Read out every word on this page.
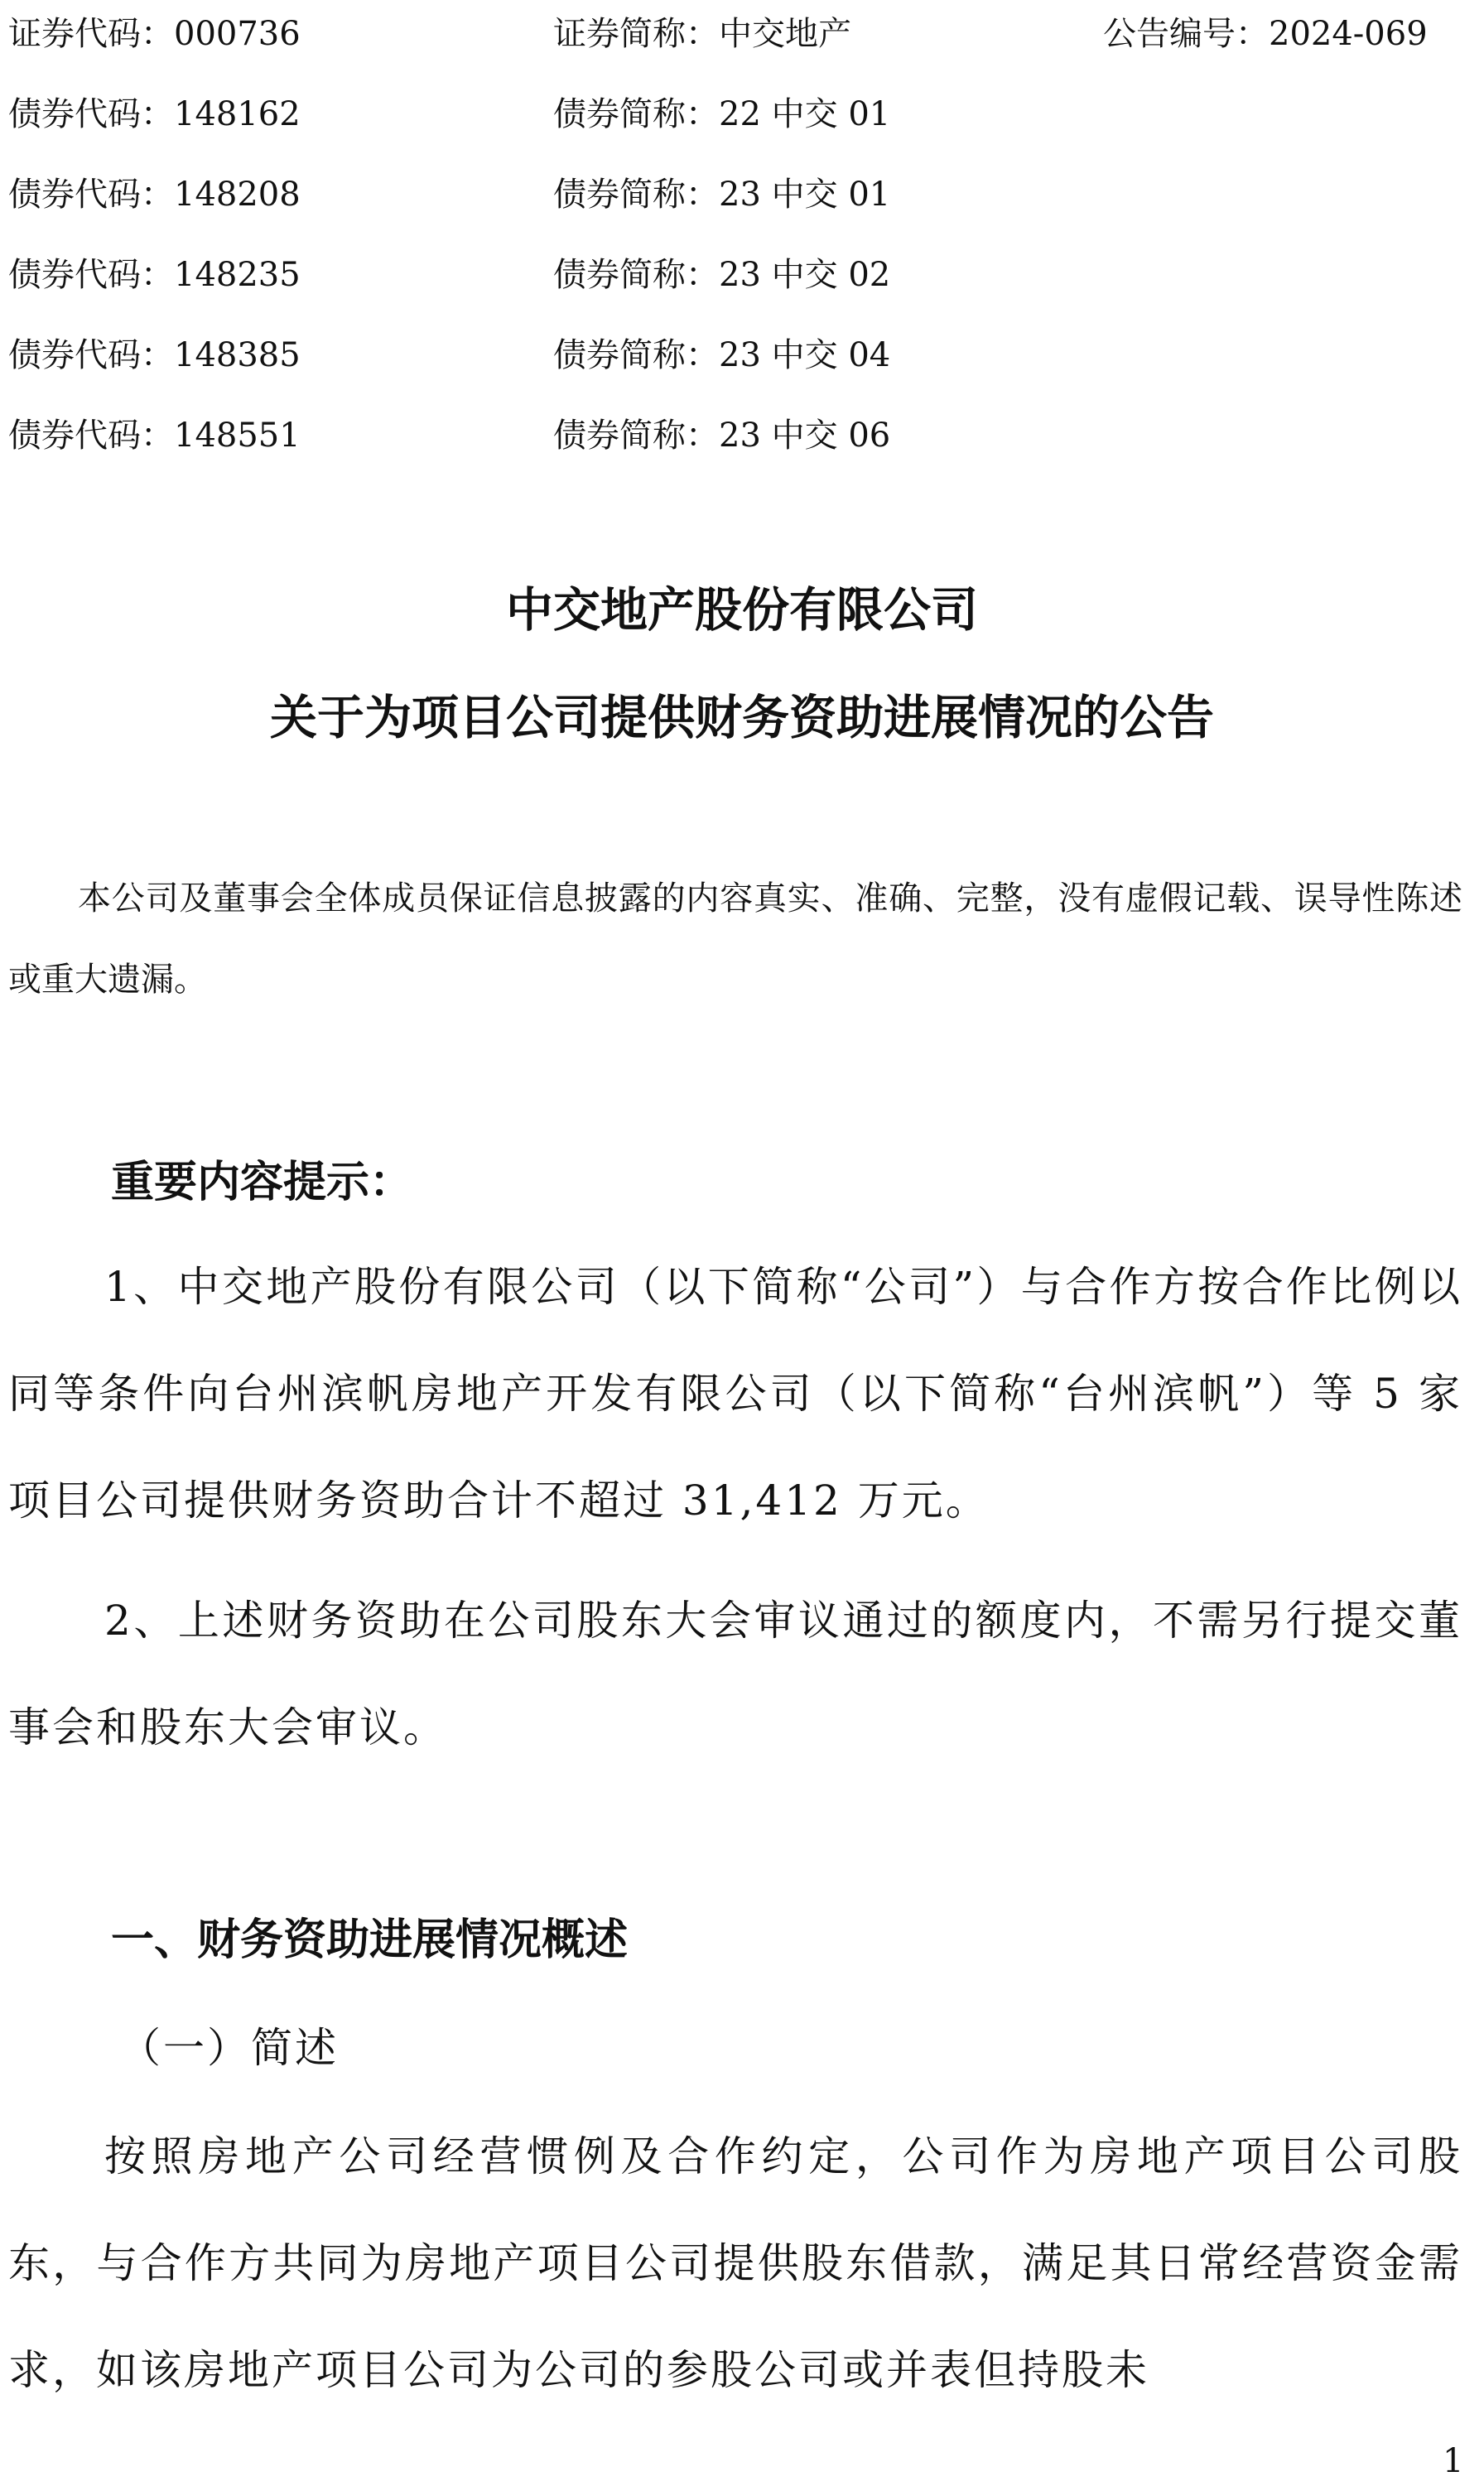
证券代码：000736	证券简称：中交地产	公告编号：2024-069
债券代码：148162	债券简称：22 中交 01
债券代码：148208	债券简称：23 中交 01
债券代码：148235	债券简称：23 中交 02
债券代码：148385	债券简称：23 中交 04
债券代码：148551	债券简称：23 中交 06
中交地产股份有限公司
关于为项目公司提供财务资助进展情况的公告
本公司及董事会全体成员保证信息披露的内容真实、准确、完整，没有虚假记载、误导性陈述或重大遗漏。
重要内容提示：
1、中交地产股份有限公司（以下简称“公司”）与合作方按合作比例以同等条件向台州滨帆房地产开发有限公司（以下简称“台州滨帆”）等 5 家项目公司提供财务资助合计不超过 31,412 万元。
2、上述财务资助在公司股东大会审议通过的额度内，不需另行提交董事会和股东大会审议。
一、财务资助进展情况概述
（一）简述
按照房地产公司经营惯例及合作约定，公司作为房地产项目公司股东，与合作方共同为房地产项目公司提供股东借款，满足其日常经营资金需求，如该房地产项目公司为公司的参股公司或并表但持股未
1
